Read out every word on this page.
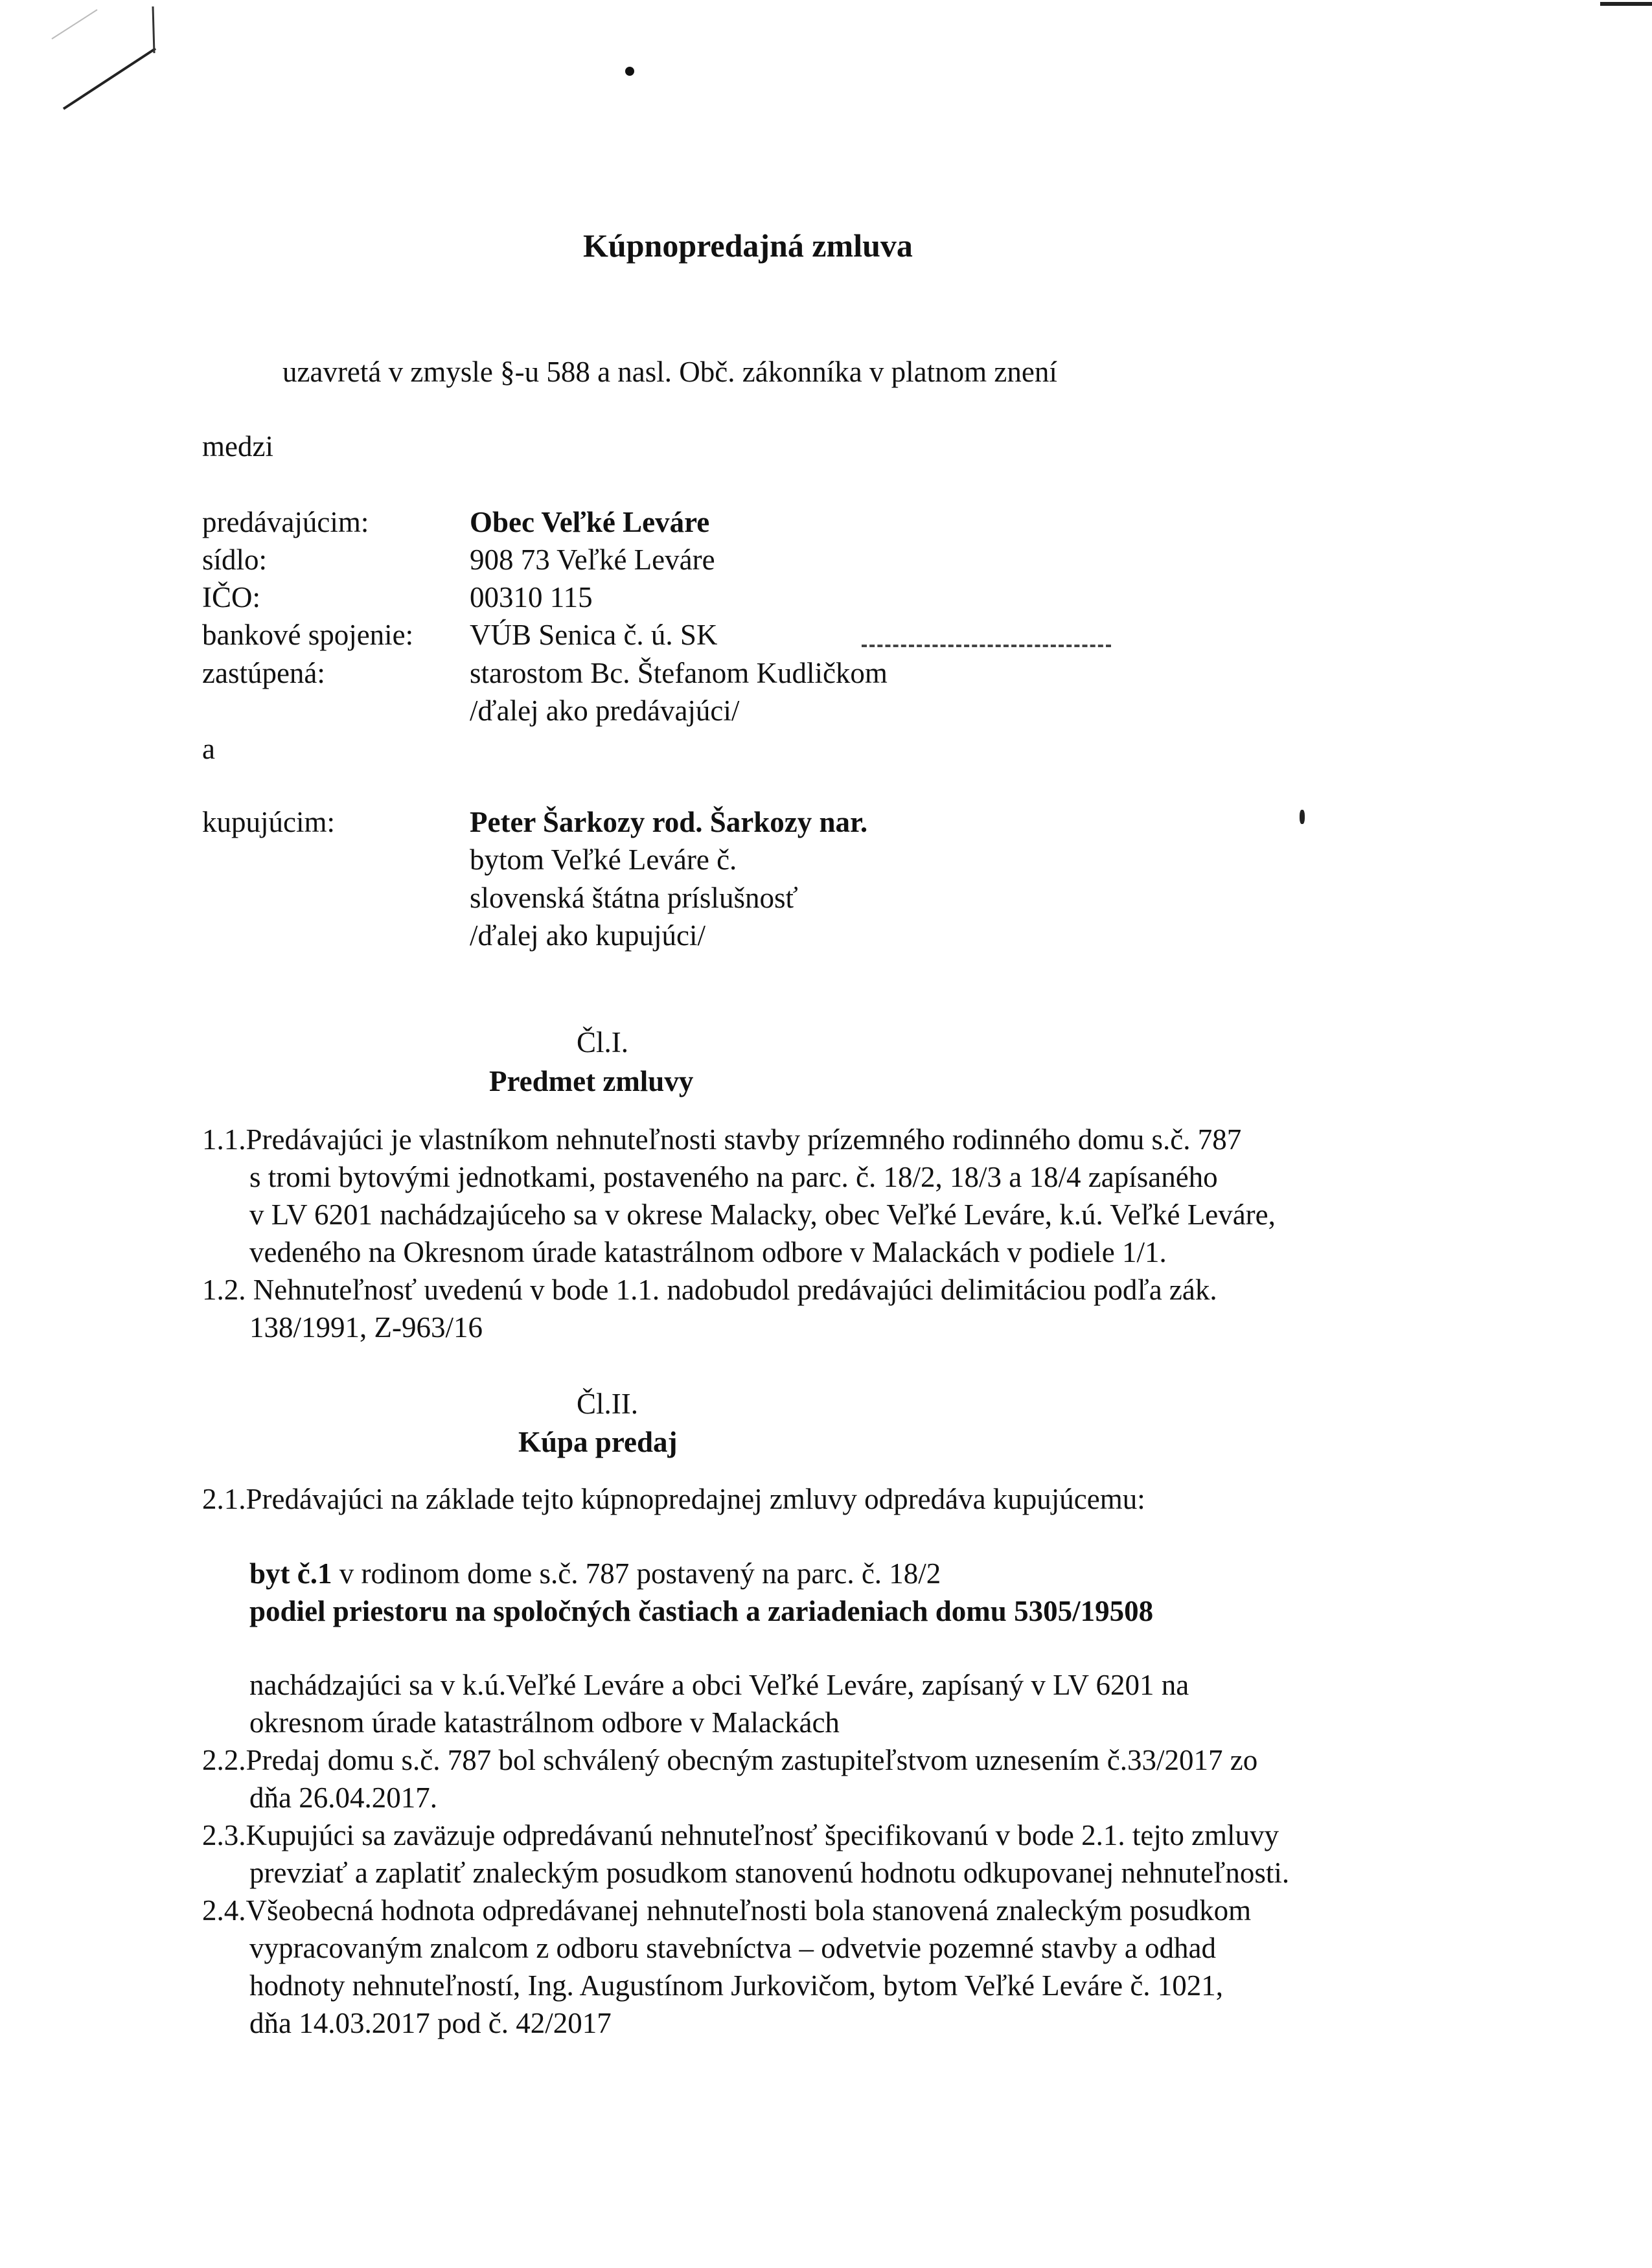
Kúpnopredajná zmluva
uzavretá v zmysle §-u 588 a nasl. Obč. zákonníka v platnom znení
medzi
predávajúcim:	Obec Veľké Leváre
sídlo:	908 73 Veľké Leváre
IČO:	00310 115
bankové spojenie: VÚB Senica č. ú. SK
zastúpená:	starostom Bc. Štefanom Kudličkom
/ďalej ako predávajúci/
a
kupujúcim:	Peter Šarkozy rod. Šarkozy nar.
bytom Veľké Leváre č.
slovenská štátna príslušnosť
/ďalej ako kupujúci/
Čl.I.
Predmet zmluvy
1.1.Predávajúci je vlastníkom nehnuteľnosti stavby prízemného rodinného domu s.č. 787
s tromi bytovými jednotkami, postaveného na parc. č. 18/2, 18/3 a 18/4 zapísaného
v LV 6201 nachádzajúceho sa v okrese Malacky, obec Veľké Leváre, k.ú. Veľké Leváre,
vedeného na Okresnom úrade katastrálnom odbore v Malackách v podiele 1/1.
1.2. Nehnuteľnosť uvedenú v bode 1.1. nadobudol predávajúci delimitáciou podľa zák.
138/1991, Z-963/16
Čl.II.
Kúpa predaj
2.1.Predávajúci na základe tejto kúpnopredajnej zmluvy odpredáva kupujúcemu:
byt č.1 v rodinom dome s.č. 787 postavený na parc. č. 18/2
podiel priestoru na spoločných častiach a zariadeniach domu 5305/19508
nachádzajúci sa v k.ú.Veľké Leváre a obci Veľké Leváre, zapísaný v LV 6201 na
okresnom úrade katastrálnom odbore v Malackách
2.2.Predaj domu s.č. 787 bol schválený obecným zastupiteľstvom uznesením č.33/2017 zo
dňa 26.04.2017.
2.3.Kupujúci sa zaväzuje odpredávanú nehnuteľnosť špecifikovanú v bode 2.1. tejto zmluvy
prevziať a zaplatiť znaleckým posudkom stanovenú hodnotu odkupovanej nehnuteľnosti.
2.4.Všeobecná hodnota odpredávanej nehnuteľnosti bola stanovená znaleckým posudkom
vypracovaným znalcom z odboru stavebníctva – odvetvie pozemné stavby a odhad
hodnoty nehnuteľností, Ing. Augustínom Jurkovičom, bytom Veľké Leváre č. 1021,
dňa 14.03.2017 pod č. 42/2017
